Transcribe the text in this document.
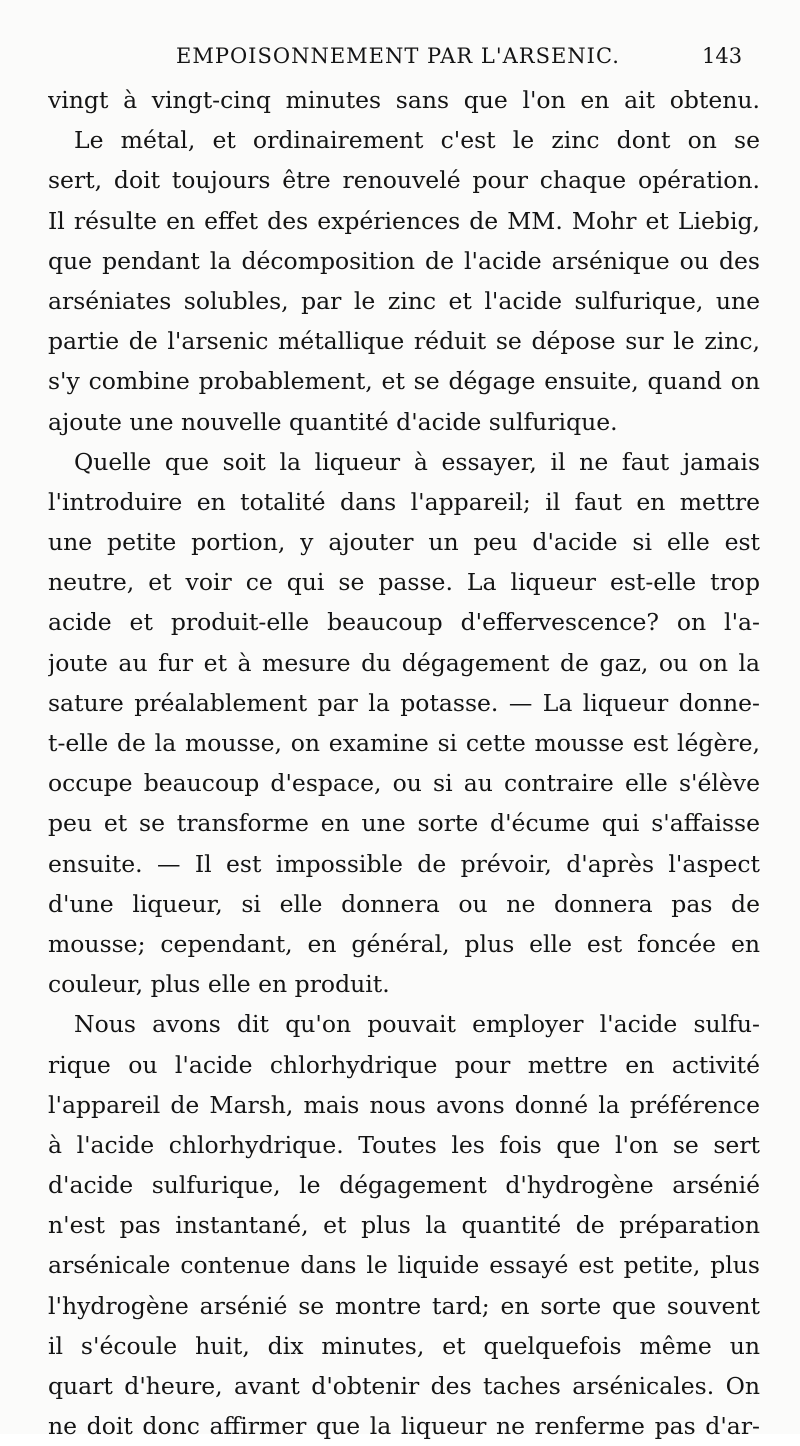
EMPOISONNEMENT PAR L'ARSENIC.	143
vingt à vingt-cinq minutes sans que l'on en ait obtenu.
Le métal, et ordinairement c'est le zinc dont on se
sert, doit toujours être renouvelé pour chaque opération.
Il résulte en effet des expériences de MM. Mohr et Liebig,
que pendant la décomposition de l'acide arsénique ou des
arséniates solubles, par le zinc et l'acide sulfurique, une
partie de l'arsenic métallique réduit se dépose sur le zinc,
s'y combine probablement, et se dégage ensuite, quand on
ajoute une nouvelle quantité d'acide sulfurique.
Quelle que soit la liqueur à essayer, il ne faut jamais
l'introduire en totalité dans l'appareil; il faut en mettre
une petite portion, y ajouter un peu d'acide si elle est
neutre, et voir ce qui se passe. La liqueur est-elle trop
acide et produit-elle beaucoup d'effervescence? on l'a-
joute au fur et à mesure du dégagement de gaz, ou on la
sature préalablement par la potasse. — La liqueur donne-
t-elle de la mousse, on examine si cette mousse est légère,
occupe beaucoup d'espace, ou si au contraire elle s'élève
peu et se transforme en une sorte d'écume qui s'affaisse
ensuite. — Il est impossible de prévoir, d'après l'aspect
d'une liqueur, si elle donnera ou ne donnera pas de
mousse; cependant, en général, plus elle est foncée en
couleur, plus elle en produit.
Nous avons dit qu'on pouvait employer l'acide sulfu-
rique ou l'acide chlorhydrique pour mettre en activité
l'appareil de Marsh, mais nous avons donné la préférence
à l'acide chlorhydrique. Toutes les fois que l'on se sert
d'acide sulfurique, le dégagement d'hydrogène arsénié
n'est pas instantané, et plus la quantité de préparation
arsénicale contenue dans le liquide essayé est petite, plus
l'hydrogène arsénié se montre tard; en sorte que souvent
il s'écoule huit, dix minutes, et quelquefois même un
quart d'heure, avant d'obtenir des taches arsénicales. On
ne doit donc affirmer que la liqueur ne renferme pas d'ar-
